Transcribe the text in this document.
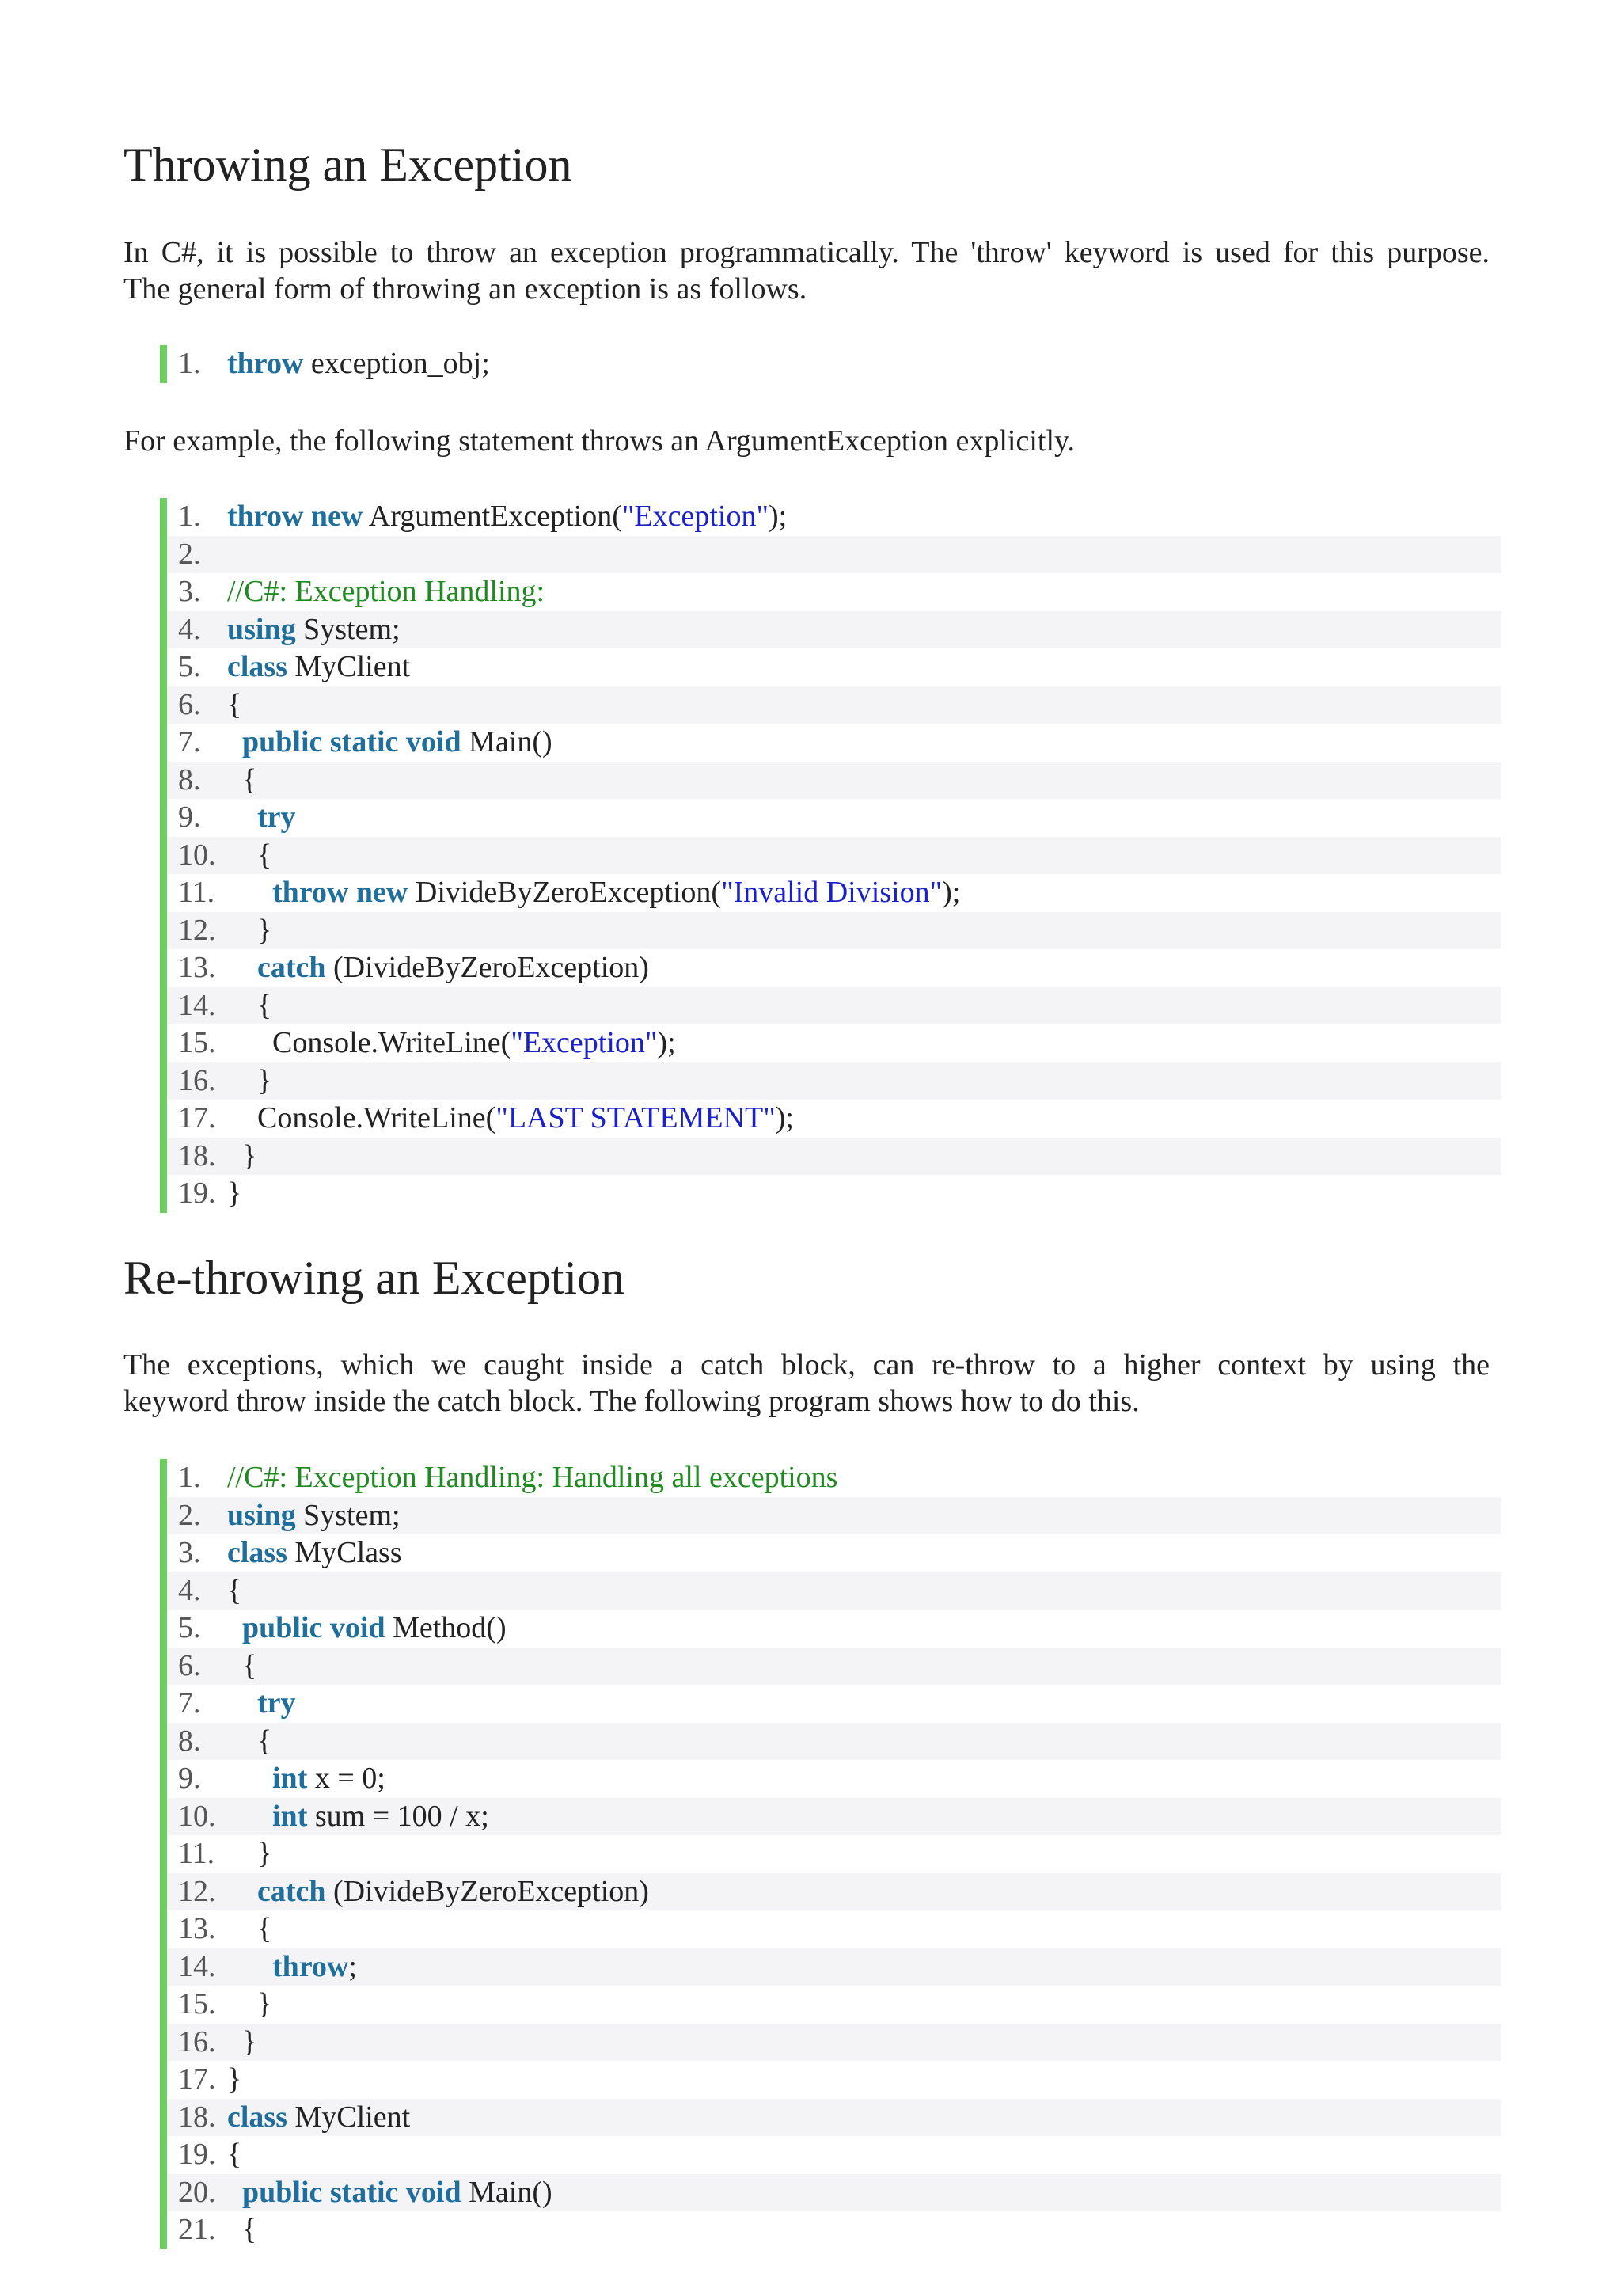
Throwing an Exception
In C#, it is possible to throw an exception programmatically. The 'throw' keyword is used for this purpose.
The general form of throwing an exception is as follows.
1. throw exception_obj;
For example, the following statement throws an ArgumentException explicitly.
1. throw new ArgumentException("Exception");
2.
3. //C#: Exception Handling:
4. using System;
5. class MyClient
6. {
7. public static void Main()
8. {
9. try
10. {
11. throw new DivideByZeroException("Invalid Division");
12. }
13. catch (DivideByZeroException)
14. {
15. Console.WriteLine("Exception");
16. }
17. Console.WriteLine("LAST STATEMENT");
18. }
19. }
Re-throwing an Exception
The exceptions, which we caught inside a catch block, can re-throw to a higher context by using the
keyword throw inside the catch block. The following program shows how to do this.
1. //C#: Exception Handling: Handling all exceptions
2. using System;
3. class MyClass
4. {
5. public void Method()
6. {
7. try
8. {
9. int x = 0;
10. int sum = 100 / x;
11. }
12. catch (DivideByZeroException)
13. {
14. throw;
15. }
16. }
17. }
18. class MyClient
19. {
20. public static void Main()
21. {
